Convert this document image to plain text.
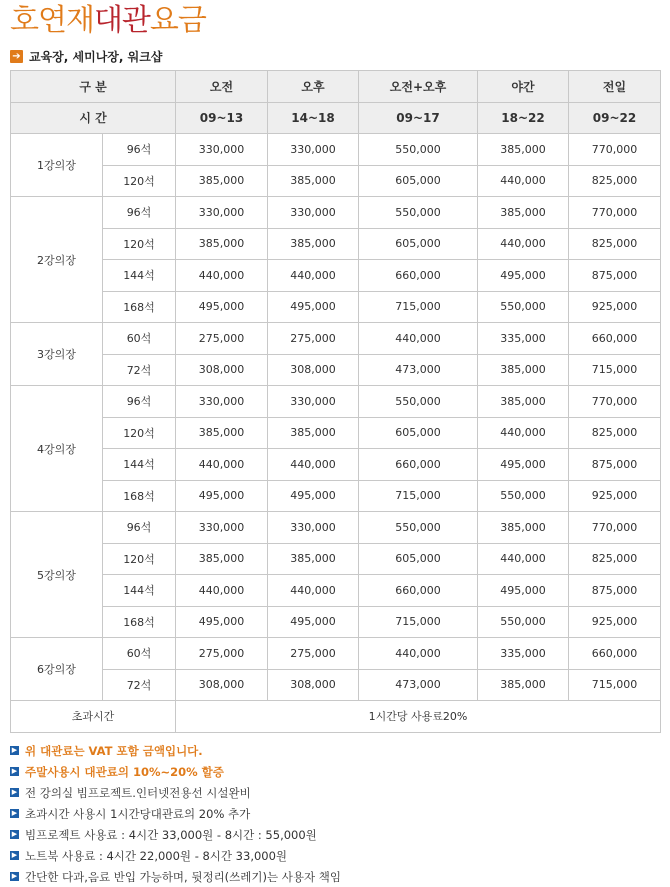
호연재대관요금
➔ 교육장, 세미나장, 워크샵
구 분		오전	오후	오전+오후	야간	전일
시 간		09~13	14~18	09~17	18~22	09~22
1강의장	96석	330,000	330,000	550,000	385,000	770,000
	120석	385,000	385,000	605,000	440,000	825,000
2강의장	96석	330,000	330,000	550,000	385,000	770,000
	120석	385,000	385,000	605,000	440,000	825,000
	144석	440,000	440,000	660,000	495,000	875,000
	168석	495,000	495,000	715,000	550,000	925,000
3강의장	60석	275,000	275,000	440,000	335,000	660,000
	72석	308,000	308,000	473,000	385,000	715,000
4강의장	96석	330,000	330,000	550,000	385,000	770,000
	120석	385,000	385,000	605,000	440,000	825,000
	144석	440,000	440,000	660,000	495,000	875,000
	168석	495,000	495,000	715,000	550,000	925,000
5강의장	96석	330,000	330,000	550,000	385,000	770,000
	120석	385,000	385,000	605,000	440,000	825,000
	144석	440,000	440,000	660,000	495,000	875,000
	168석	495,000	495,000	715,000	550,000	925,000
6강의장	60석	275,000	275,000	440,000	335,000	660,000
	72석	308,000	308,000	473,000	385,000	715,000
초과시간		1시간당 사용료20%				
▶ 위 대관료는 VAT 포함 금액입니다.
▶ 주말사용시 대관료의 10%~20% 할증
▶ 전 강의실 빔프로젝트.인터넷전용선 시설완비
▶ 초과시간 사용시 1시간당대관료의 20% 추가
▶ 빔프로젝트 사용료 : 4시간 33,000원 - 8시간 : 55,000원
▶ 노트북 사용료 : 4시간 22,000원 - 8시간 33,000원
▶ 간단한 다과,음료 반입 가능하며, 뒷정리(쓰레기)는 사용자 책임
